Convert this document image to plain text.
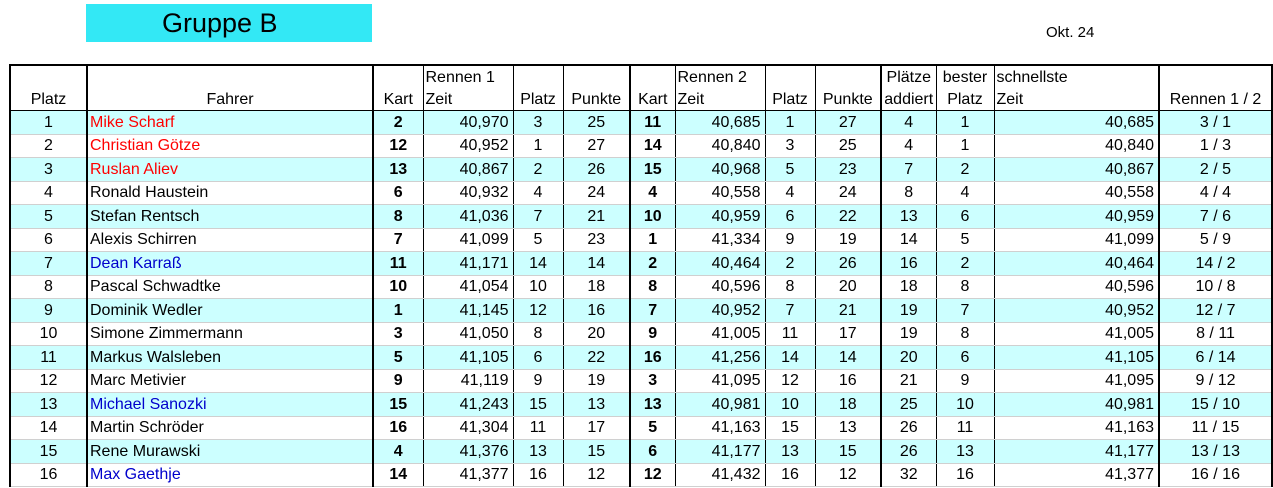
Gruppe B	Okt. 24
			Rennen 1				Rennen 2			Plätze	bester	schnellste	
Platz	Fahrer	Kart	Zeit	Platz	Punkte	Kart	Zeit	Platz	Punkte	addiert	Platz	Zeit	Rennen 1 / 2
1	Mike Scharf	2	40,970	3	25	11	40,685	1	27	4	1	40,685	3 / 1
2	Christian Götze	12	40,952	1	27	14	40,840	3	25	4	1	40,840	1 / 3
3	Ruslan Aliev	13	40,867	2	26	15	40,968	5	23	7	2	40,867	2 / 5
4	Ronald Haustein	6	40,932	4	24	4	40,558	4	24	8	4	40,558	4 / 4
5	Stefan Rentsch	8	41,036	7	21	10	40,959	6	22	13	6	40,959	7 / 6
6	Alexis Schirren	7	41,099	5	23	1	41,334	9	19	14	5	41,099	5 / 9
7	Dean Karraß	11	41,171	14	14	2	40,464	2	26	16	2	40,464	14 / 2
8	Pascal Schwadtke	10	41,054	10	18	8	40,596	8	20	18	8	40,596	10 / 8
9	Dominik Wedler	1	41,145	12	16	7	40,952	7	21	19	7	40,952	12 / 7
10	Simone Zimmermann	3	41,050	8	20	9	41,005	11	17	19	8	41,005	8 / 11
11	Markus Walsleben	5	41,105	6	22	16	41,256	14	14	20	6	41,105	6 / 14
12	Marc Metivier	9	41,119	9	19	3	41,095	12	16	21	9	41,095	9 / 12
13	Michael Sanozki	15	41,243	15	13	13	40,981	10	18	25	10	40,981	15 / 10
14	Martin Schröder	16	41,304	11	17	5	41,163	15	13	26	11	41,163	11 / 15
15	Rene Murawski	4	41,376	13	15	6	41,177	13	15	26	13	41,177	13 / 13
16	Max Gaethje	14	41,377	16	12	12	41,432	16	12	32	16	41,377	16 / 16
